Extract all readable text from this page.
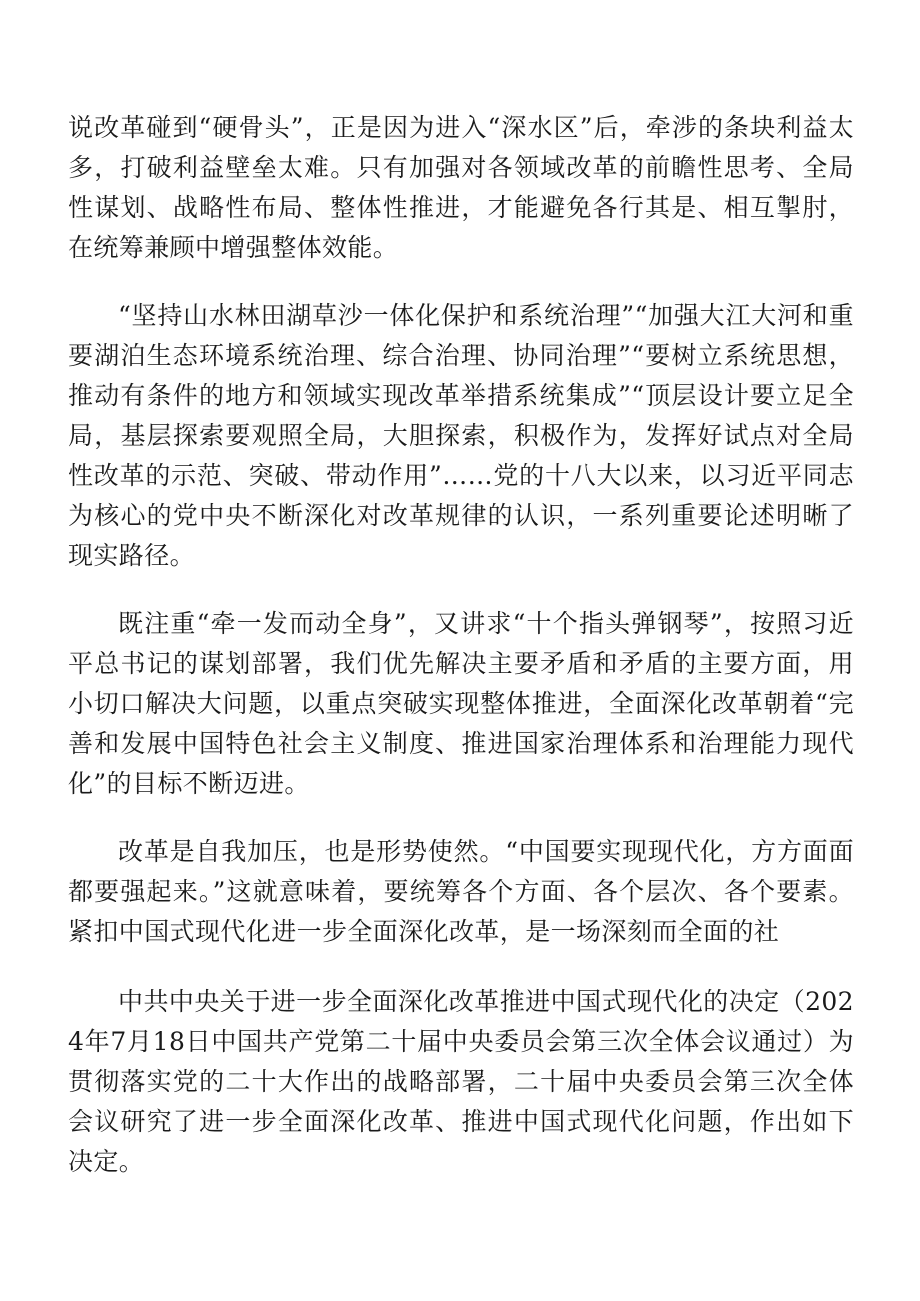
说改革碰到“硬骨头”，正是因为进入“深水区”后，牵涉的条块利益太多，打破利益壁垒太难。只有加强对各领域改革的前瞻性思考、全局性谋划、战略性布局、整体性推进，才能避免各行其是、相互掣肘，在统筹兼顾中增强整体效能。

“坚持山水林田湖草沙一体化保护和系统治理”“加强大江大河和重要湖泊生态环境系统治理、综合治理、协同治理”“要树立系统思想，推动有条件的地方和领域实现改革举措系统集成”“顶层设计要立足全局，基层探索要观照全局，大胆探索，积极作为，发挥好试点对全局性改革的示范、突破、带动作用”……党的十八大以来，以习近平同志为核心的党中央不断深化对改革规律的认识，一系列重要论述明晰了现实路径。

既注重“牵一发而动全身”，又讲求“十个指头弹钢琴”，按照习近平总书记的谋划部署，我们优先解决主要矛盾和矛盾的主要方面，用小切口解决大问题，以重点突破实现整体推进，全面深化改革朝着“完善和发展中国特色社会主义制度、推进国家治理体系和治理能力现代化”的目标不断迈进。

改革是自我加压，也是形势使然。“中国要实现现代化，方方面面都要强起来。”这就意味着，要统筹各个方面、各个层次、各个要素。紧扣中国式现代化进一步全面深化改革，是一场深刻而全面的社

中共中央关于进一步全面深化改革推进中国式现代化的决定（2024年7月18日中国共产党第二十届中央委员会第三次全体会议通过）为贯彻落实党的二十大作出的战略部署，二十届中央委员会第三次全体会议研究了进一步全面深化改革、推进中国式现代化问题，作出如下决定。
